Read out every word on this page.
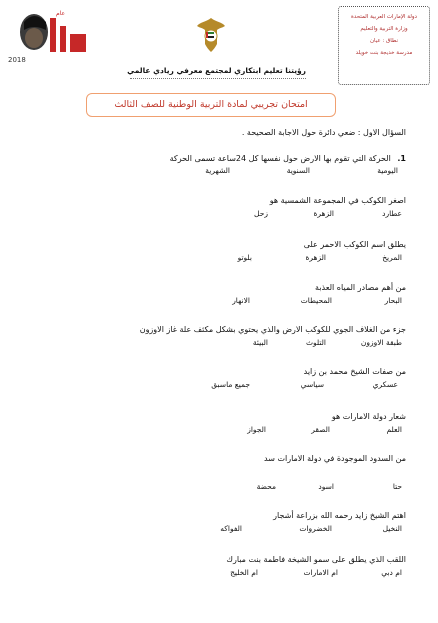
دولة الإمارات العربية المتحدة
وزارة التربية والتعليم
نطاق : عيان
مدرسة خديجة بنت خويلد
عام
2018
رؤيتنا تعليم ابتكاري لمجتمع معرفي ريادي عالمي
امتحان تجريبي لمادة التربية الوطنية للصف الثالث
السؤال الاول : ضعي دائرة حول الاجابة الصحيحة .
1. الحركة التي تقوم بها الارض حول نفسها كل 24ساعة تسمى الحركة
اليومية
السنوية
الشهرية
اصغر الكوكب في المجموعة الشمسية هو
عطارد
الزهرة
زحل
يطلق اسم الكوكب الاحمر على
المريخ
الزهرة
بلوتو
من أهم مصادر المياه العذبة
البحار
المحيطات
الانهار
جزء من الغلاف الجوي للكوكب الارض والذي يحتوي بشكل مكثف علة غاز الاوزون
طبقة الاوزون
التلوث
البيئة
من صفات الشيخ محمد بن زايد
عسكري
سياسي
جميع ماسبق
شعار دولة الامارات هو
العلم
الصقر
الجواز
من السدود الموجودة في دولة الامارات سد
حتا
اسود
محضة
اهتم الشيخ زايد رحمه الله بزراعة أشجار
النخيل
الخضروات
الفواكه
اللقب الذي يطلق على سمو الشيخة فاطمة بنت مبارك
ام دبي
ام الامارات
ام الخليج
